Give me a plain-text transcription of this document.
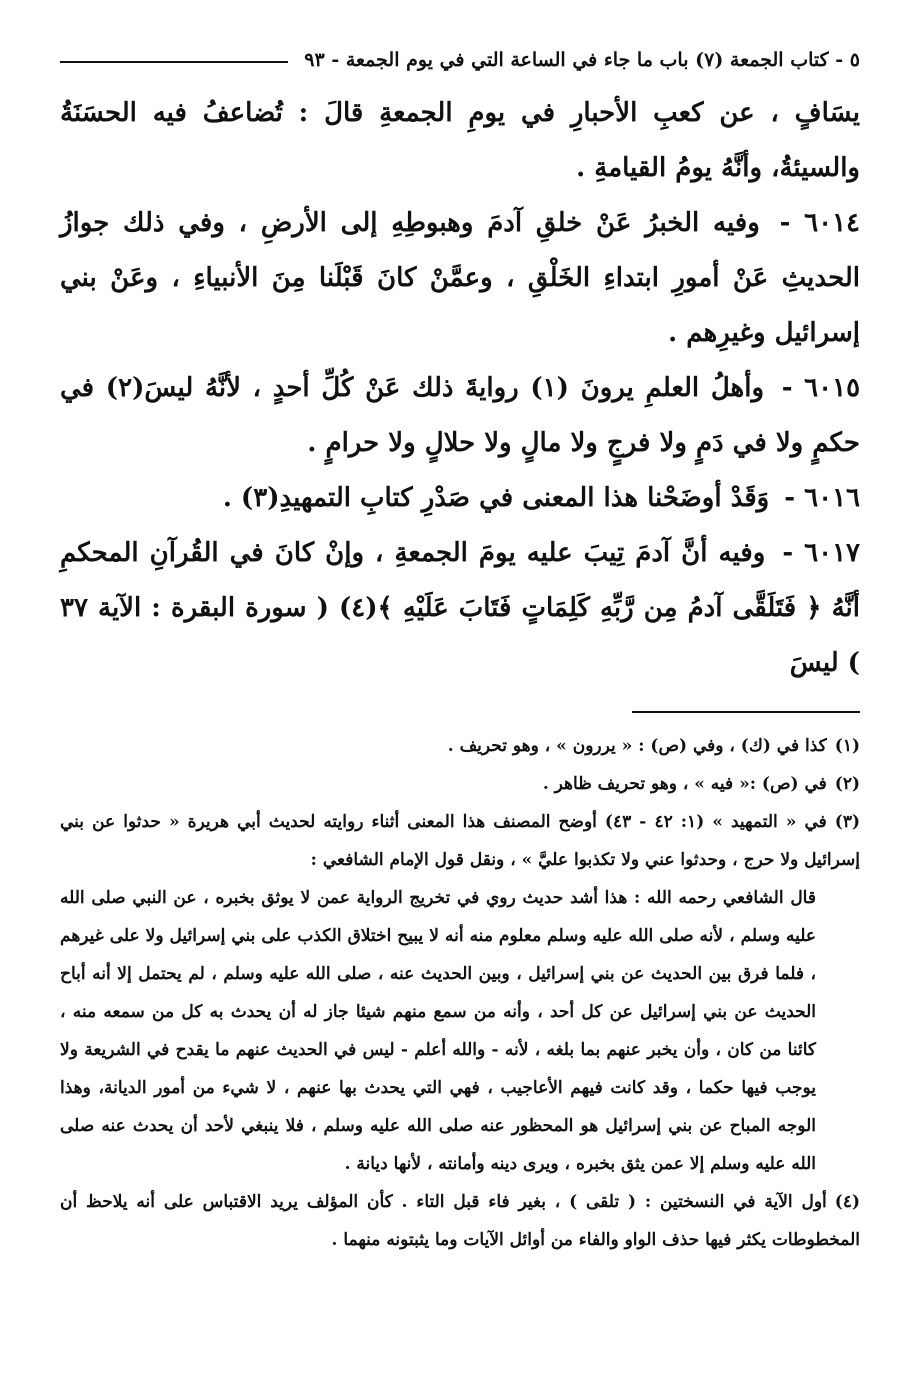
٥ - كتاب الجمعة (٧) باب ما جاء في الساعة التي في يوم الجمعة - ٩٣

يسَافٍ ، عن كعبِ الأحبارِ في يومِ الجمعةِ قالَ : تُضاعفُ فيه الحسَنَةُ والسيئةُ، وأنَّهُ يومُ القيامةِ .

٦٠١٤ - وفيه الخبرُ عَنْ خلقِ آدمَ وهبوطِهِ إلى الأرضِ ، وفي ذلك جوازُ الحديثِ عَنْ أمورِ ابتداءِ الخَلْقِ ، وعمَّنْ كانَ قَبْلَنا مِنَ الأنبياءِ ، وعَنْ بني إسرائيل وغيرِهم .

٦٠١٥ - وأهلُ العلمِ يرونَ (١) روايةَ ذلك عَنْ كُلِّ أحدٍ ، لأنَّهُ ليسَ(٢) في حكمٍ ولا في دَمٍ ولا فرجٍ ولا مالٍ ولا حلالٍ ولا حرامٍ .

٦٠١٦ - وَقَدْ أوضَحْنا هذا المعنى في صَدْرِ كتابِ التمهيدِ(٣) .

٦٠١٧ - وفيه أنَّ آدمَ تِيبَ عليه يومَ الجمعةِ ، وإنْ كانَ في القُرآنِ المحكمِ أنَّهُ ﴿ فَتَلَقَّى آدمُ مِن رَّبِّهِ كَلِمَاتٍ فَتَابَ عَلَيْهِ ﴾(٤) ( سورة البقرة : الآية ٣٧ ) ليسَ

(١)كذا في (ك) ، وفي (ص) : « يررون » ، وهو تحريف .

(٢)في (ص) :« فيه » ، وهو تحريف ظاهر .

(٣)في « التمهيد » (١: ٤٢ - ٤٣) أوضح المصنف هذا المعنى أثناء روايته لحديث أبي هريرة « حدثوا عن بني إسرائيل ولا حرج ، وحدثوا عني ولا تكذبوا عليَّ » ، ونقل قول الإمام الشافعي :

قال الشافعي رحمه الله : هذا أشد حديث روي في تخريج الرواية عمن لا يوثق بخبره ، عن النبي صلى الله عليه وسلم ، لأنه صلى الله عليه وسلم معلوم منه أنه لا يبيح اختلاق الكذب على بني إسرائيل ولا على غيرهم ، فلما فرق بين الحديث عن بني إسرائيل ، وبين الحديث عنه ، صلى الله عليه وسلم ، لم يحتمل إلا أنه أباح الحديث عن بني إسرائيل عن كل أحد ، وأنه من سمع منهم شيئا جاز له أن يحدث به كل من سمعه منه ، كائنا من كان ، وأن يخبر عنهم بما بلغه ، لأنه - والله أعلم - ليس في الحديث عنهم ما يقدح في الشريعة ولا يوجب فيها حكما ، وقد كانت فيهم الأعاجيب ، فهي التي يحدث بها عنهم ، لا شيء من أمور الديانة، وهذا الوجه المباح عن بني إسرائيل هو المحظور عنه صلى الله عليه وسلم ، فلا ينبغي لأحد أن يحدث عنه صلى الله عليه وسلم إلا عمن يثق بخبره ، ويرى دينه وأمانته ، لأنها ديانة .

(٤)أول الآية في النسختين : ( تلقى ) ، بغير فاء قبل التاء . كأن المؤلف يريد الاقتباس على أنه يلاحظ أن المخطوطات يكثر فيها حذف الواو والفاء من أوائل الآيات وما يثبتونه منهما .
